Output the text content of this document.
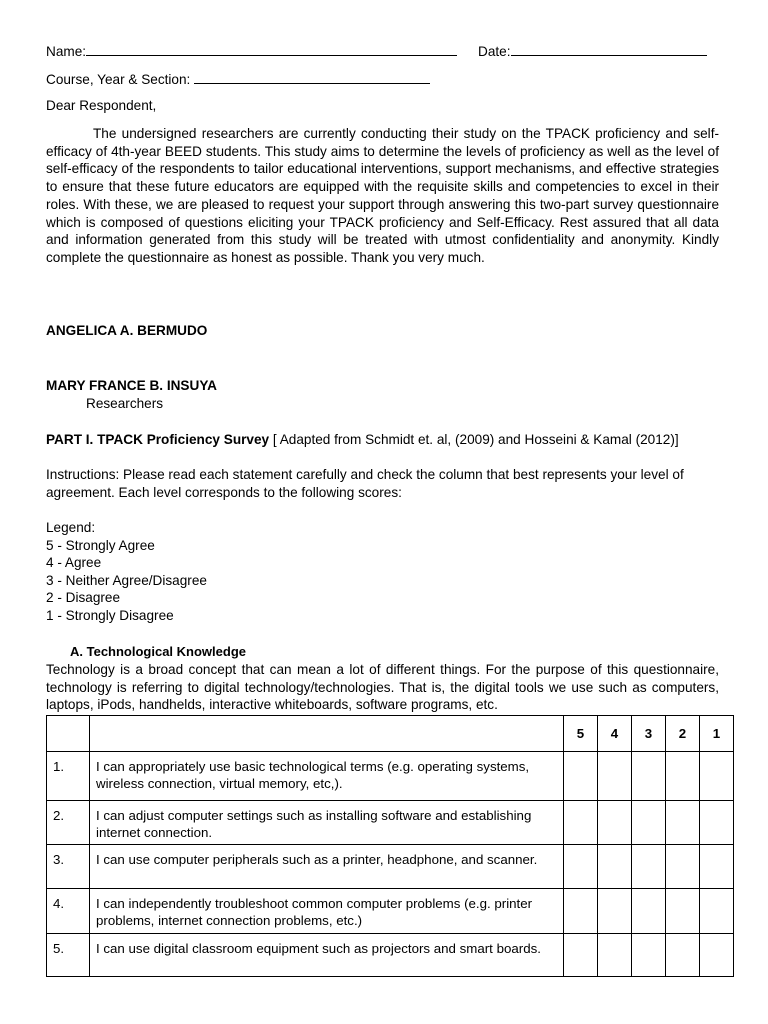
Name:	Date:
Course, Year & Section:
Dear Respondent,
The undersigned researchers are currently conducting their study on the TPACK proficiency and self-efficacy of 4th-year BEED students. This study aims to determine the levels of proficiency as well as the level of self-efficacy of the respondents to tailor educational interventions, support mechanisms, and effective strategies to ensure that these future educators are equipped with the requisite skills and competencies to excel in their roles. With these, we are pleased to request your support through answering this two-part survey questionnaire which is composed of questions eliciting your TPACK proficiency and Self-Efficacy. Rest assured that all data and information generated from this study will be treated with utmost confidentiality and anonymity. Kindly complete the questionnaire as honest as possible. Thank you very much.
ANGELICA A. BERMUDO
MARY FRANCE B. INSUYA
Researchers
PART I. TPACK Proficiency Survey [ Adapted from Schmidt et. al, (2009) and Hosseini & Kamal (2012)]
Instructions: Please read each statement carefully and check the column that best represents your level of agreement. Each level corresponds to the following scores:
Legend:
5 - Strongly Agree
4 - Agree
3 - Neither Agree/Disagree
2 - Disagree
1 - Strongly Disagree
A. Technological Knowledge
Technology is a broad concept that can mean a lot of different things. For the purpose of this questionnaire, technology is referring to digital technology/technologies. That is, the digital tools we use such as computers, laptops, iPods, handhelds, interactive whiteboards, software programs, etc.
		5	4	3	2	1
1.	I can appropriately use basic technological terms (e.g. operating systems, wireless connection, virtual memory, etc,).					
2.	I can adjust computer settings such as installing software and establishing internet connection.					
3.	I can use computer peripherals such as a printer, headphone, and scanner.					
4.	I can independently troubleshoot common computer problems (e.g. printer problems, internet connection problems, etc.)					
5.	I can use digital classroom equipment such as projectors and smart boards.					
